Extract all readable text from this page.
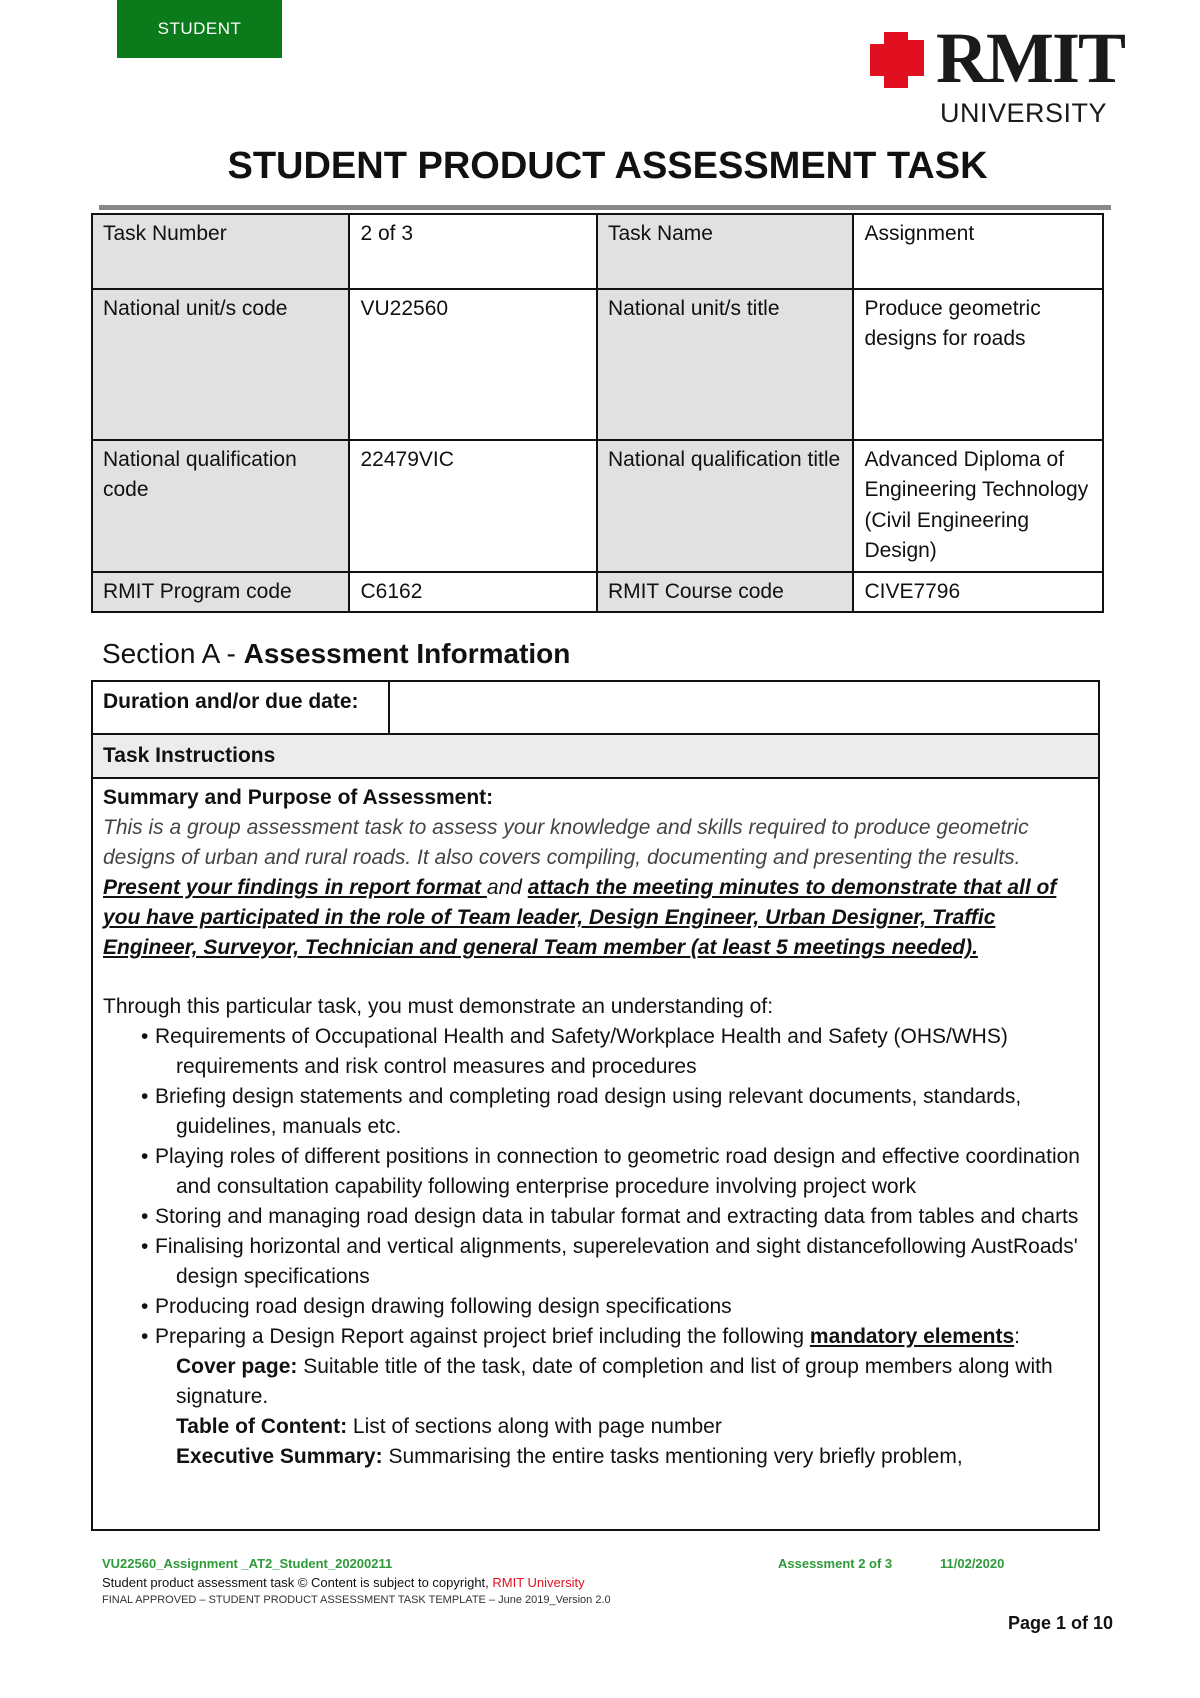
STUDENT	RMIT
UNIVERSITY
STUDENT PRODUCT ASSESSMENT TASK
Task Number	2 of 3	Task Name	Assignment
National unit/s code	VU22560	National unit/s title	Produce geometric designs for roads
National qualification code	22479VIC	National qualification title	Advanced Diploma of Engineering Technology (Civil Engineering Design)
RMIT Program code	C6162	RMIT Course code	CIVE7796
Section A - Assessment Information
Duration and/or due date:
Task Instructions
Summary and Purpose of Assessment:
This is a group assessment task to assess your knowledge and skills required to produce geometric designs of urban and rural roads. It also covers compiling, documenting and presenting the results. Present your findings in report format and attach the meeting minutes to demonstrate that all of you have participated in the role of Team leader, Design Engineer, Urban Designer, Traffic Engineer, Surveyor, Technician and general Team member (at least 5 meetings needed).
Through this particular task, you must demonstrate an understanding of:
• Requirements of Occupational Health and Safety/Workplace Health and Safety (OHS/WHS) requirements and risk control measures and procedures
• Briefing design statements and completing road design using relevant documents, standards, guidelines, manuals etc.
• Playing roles of different positions in connection to geometric road design and effective coordination and consultation capability following enterprise procedure involving project work
• Storing and managing road design data in tabular format and extracting data from tables and charts
• Finalising horizontal and vertical alignments, superelevation and sight distancefollowing AustRoads' design specifications
• Producing road design drawing following design specifications
• Preparing a Design Report against project brief including the following mandatory elements:
Cover page: Suitable title of the task, date of completion and list of group members along with signature.
Table of Content: List of sections along with page number
Executive Summary: Summarising the entire tasks mentioning very briefly problem,
VU22560_Assignment _AT2_Student_20200211	Assessment 2 of 3	11/02/2020
Student product assessment task © Content is subject to copyright, RMIT University
FINAL APPROVED – STUDENT PRODUCT ASSESSMENT TASK TEMPLATE – June 2019_Version 2.0
Page 1 of 10
